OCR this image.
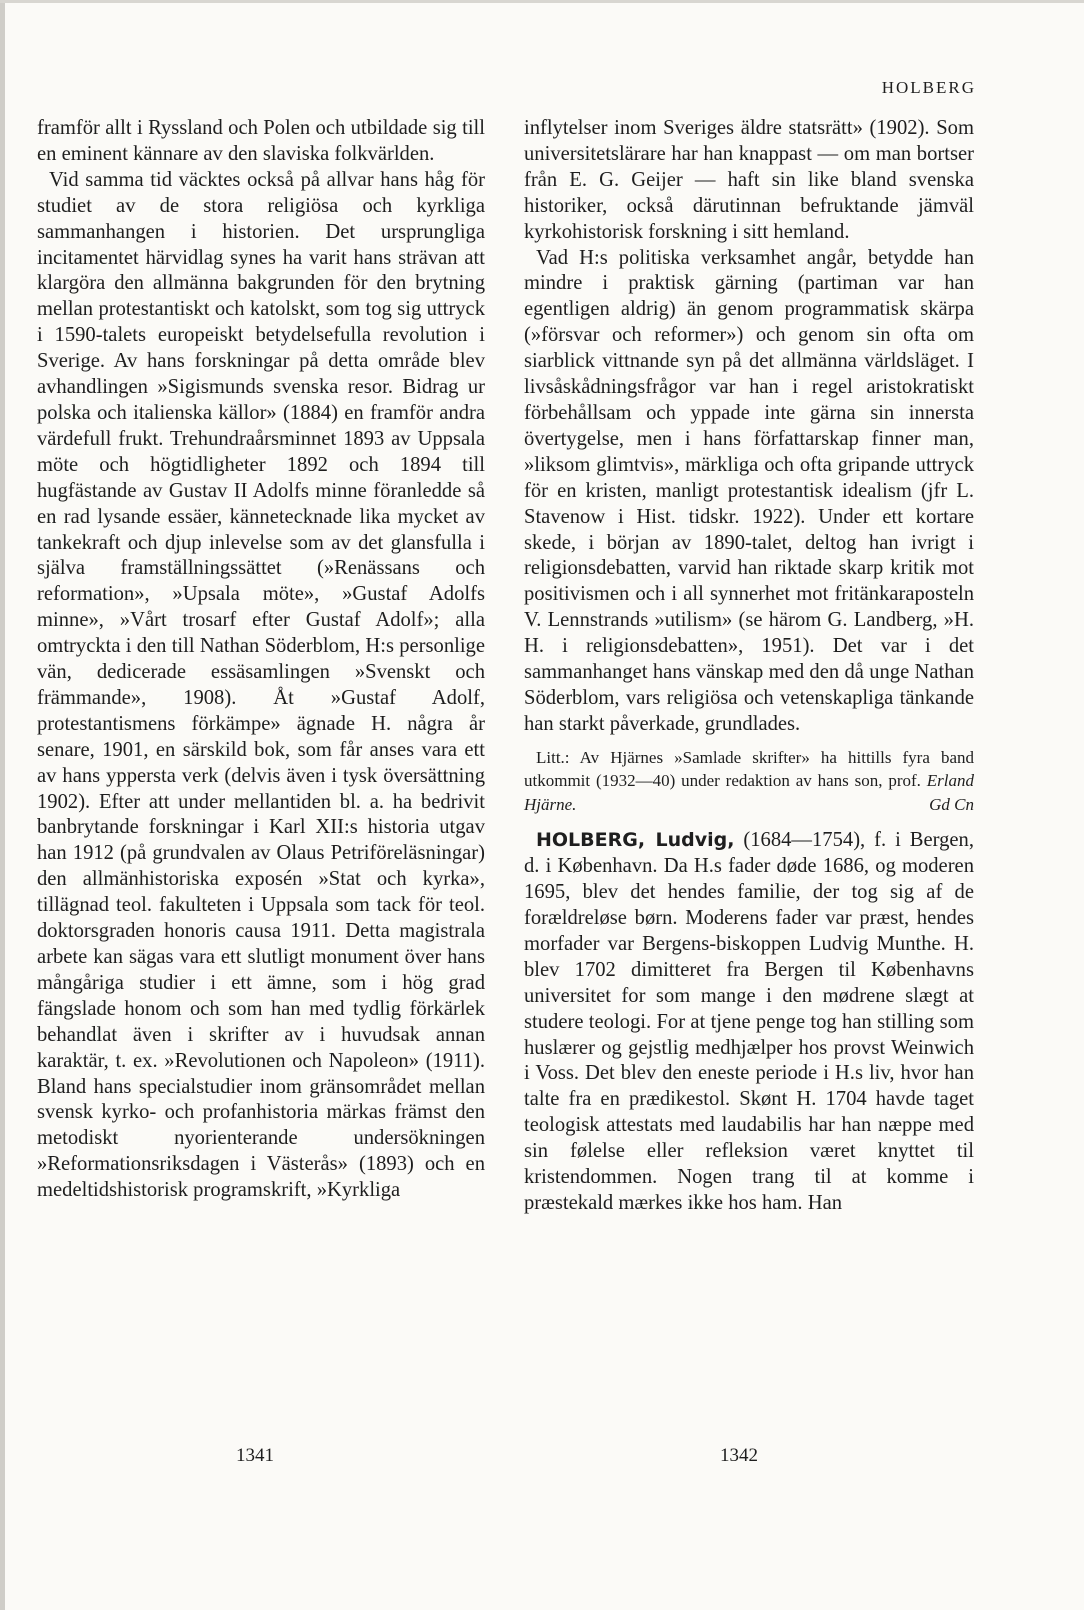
HOLBERG

framför allt i Ryssland och Polen och utbildade sig till en eminent kännare av den slaviska folkvärlden.

Vid samma tid väcktes också på allvar hans håg för studiet av de stora religiösa och kyrkliga sammanhangen i historien. Det ursprungliga incitamentet härvidlag synes ha varit hans strävan att klargöra den allmänna bakgrunden för den brytning mellan protestantiskt och katolskt, som tog sig uttryck i 1590-talets europeiskt betydelsefulla revolution i Sverige. Av hans forskningar på detta område blev avhandlingen »Sigismunds svenska resor. Bidrag ur polska och italienska källor» (1884) en framför andra värdefull frukt. Trehundraårsminnet 1893 av Uppsala möte och högtidligheter 1892 och 1894 till hugfästande av Gustav II Adolfs minne föranledde så en rad lysande essäer, kännetecknade lika mycket av tankekraft och djup inlevelse som av det glansfulla i själva framställningssättet (»Renässans och reformation», »Upsala möte», »Gustaf Adolfs minne», »Vårt trosarf efter Gustaf Adolf»; alla omtryckta i den till Nathan Söderblom, H:s personlige vän, dedicerade essäsamlingen »Svenskt och främmande», 1908). Åt »Gustaf Adolf, protestantismens förkämpe» ägnade H. några år senare, 1901, en särskild bok, som får anses vara ett av hans yppersta verk (delvis även i tysk översättning 1902). Efter att under mellantiden bl. a. ha bedrivit banbrytande forskningar i Karl XII:s historia utgav han 1912 (på grundvalen av Olaus Petriföreläsningar) den allmänhistoriska exposén »Stat och kyrka», tillägnad teol. fakulteten i Uppsala som tack för teol. doktorsgraden honoris causa 1911. Detta magistrala arbete kan sägas vara ett slutligt monument över hans mångåriga studier i ett ämne, som i hög grad fängslade honom och som han med tydlig förkärlek behandlat även i skrifter av i huvudsak annan karaktär, t. ex. »Revolutionen och Napoleon» (1911). Bland hans specialstudier inom gränsområdet mellan svensk kyrko- och profanhistoria märkas främst den metodiskt nyorienterande undersökningen »Reformationsriksdagen i Västerås» (1893) och en medeltidshistorisk programskrift, »Kyrkliga

inflytelser inom Sveriges äldre statsrätt» (1902). Som universitetslärare har han knappast — om man bortser från E. G. Geijer — haft sin like bland svenska historiker, också därutinnan befruktande jämväl kyrkohistorisk forskning i sitt hemland.

Vad H:s politiska verksamhet angår, betydde han mindre i praktisk gärning (partiman var han egentligen aldrig) än genom programmatisk skärpa (»försvar och reformer») och genom sin ofta om siarblick vittnande syn på det allmänna världsläget. I livsåskådningsfrågor var han i regel aristokratiskt förbehållsam och yppade inte gärna sin innersta övertygelse, men i hans författarskap finner man, »liksom glimtvis», märkliga och ofta gripande uttryck för en kristen, manligt protestantisk idealism (jfr L. Stavenow i Hist. tidskr. 1922). Under ett kortare skede, i början av 1890-talet, deltog han ivrigt i religionsdebatten, varvid han riktade skarp kritik mot positivismen och i all synnerhet mot fritänkaraposteln V. Lennstrands »utilism» (se härom G. Landberg, »H. H. i religionsdebatten», 1951). Det var i det sammanhanget hans vänskap med den då unge Nathan Söderblom, vars religiösa och vetenskapliga tänkande han starkt påverkade, grundlades.

Litt.: Av Hjärnes »Samlade skrifter» ha hittills fyra band utkommit (1932—40) under redaktion av hans son, prof. Erland Hjärne.	Gd Cn

HOLBERG, Ludvig, (1684—1754), f. i Bergen, d. i København. Da H.s fader døde 1686, og moderen 1695, blev det hendes familie, der tog sig af de forældreløse børn. Moderens fader var præst, hendes morfader var Bergens-biskoppen Ludvig Munthe. H. blev 1702 dimitteret fra Bergen til Københavns universitet for som mange i den mødrene slægt at studere teologi. For at tjene penge tog han stilling som huslærer og gejstlig medhjælper hos provst Weinwich i Voss. Det blev den eneste periode i H.s liv, hvor han talte fra en prædikestol. Skønt H. 1704 havde taget teologisk attestats med laudabilis har han næppe med sin følelse eller refleksion været knyttet til kristendommen. Nogen trang til at komme i præstekald mærkes ikke hos ham. Han

1341	1342
